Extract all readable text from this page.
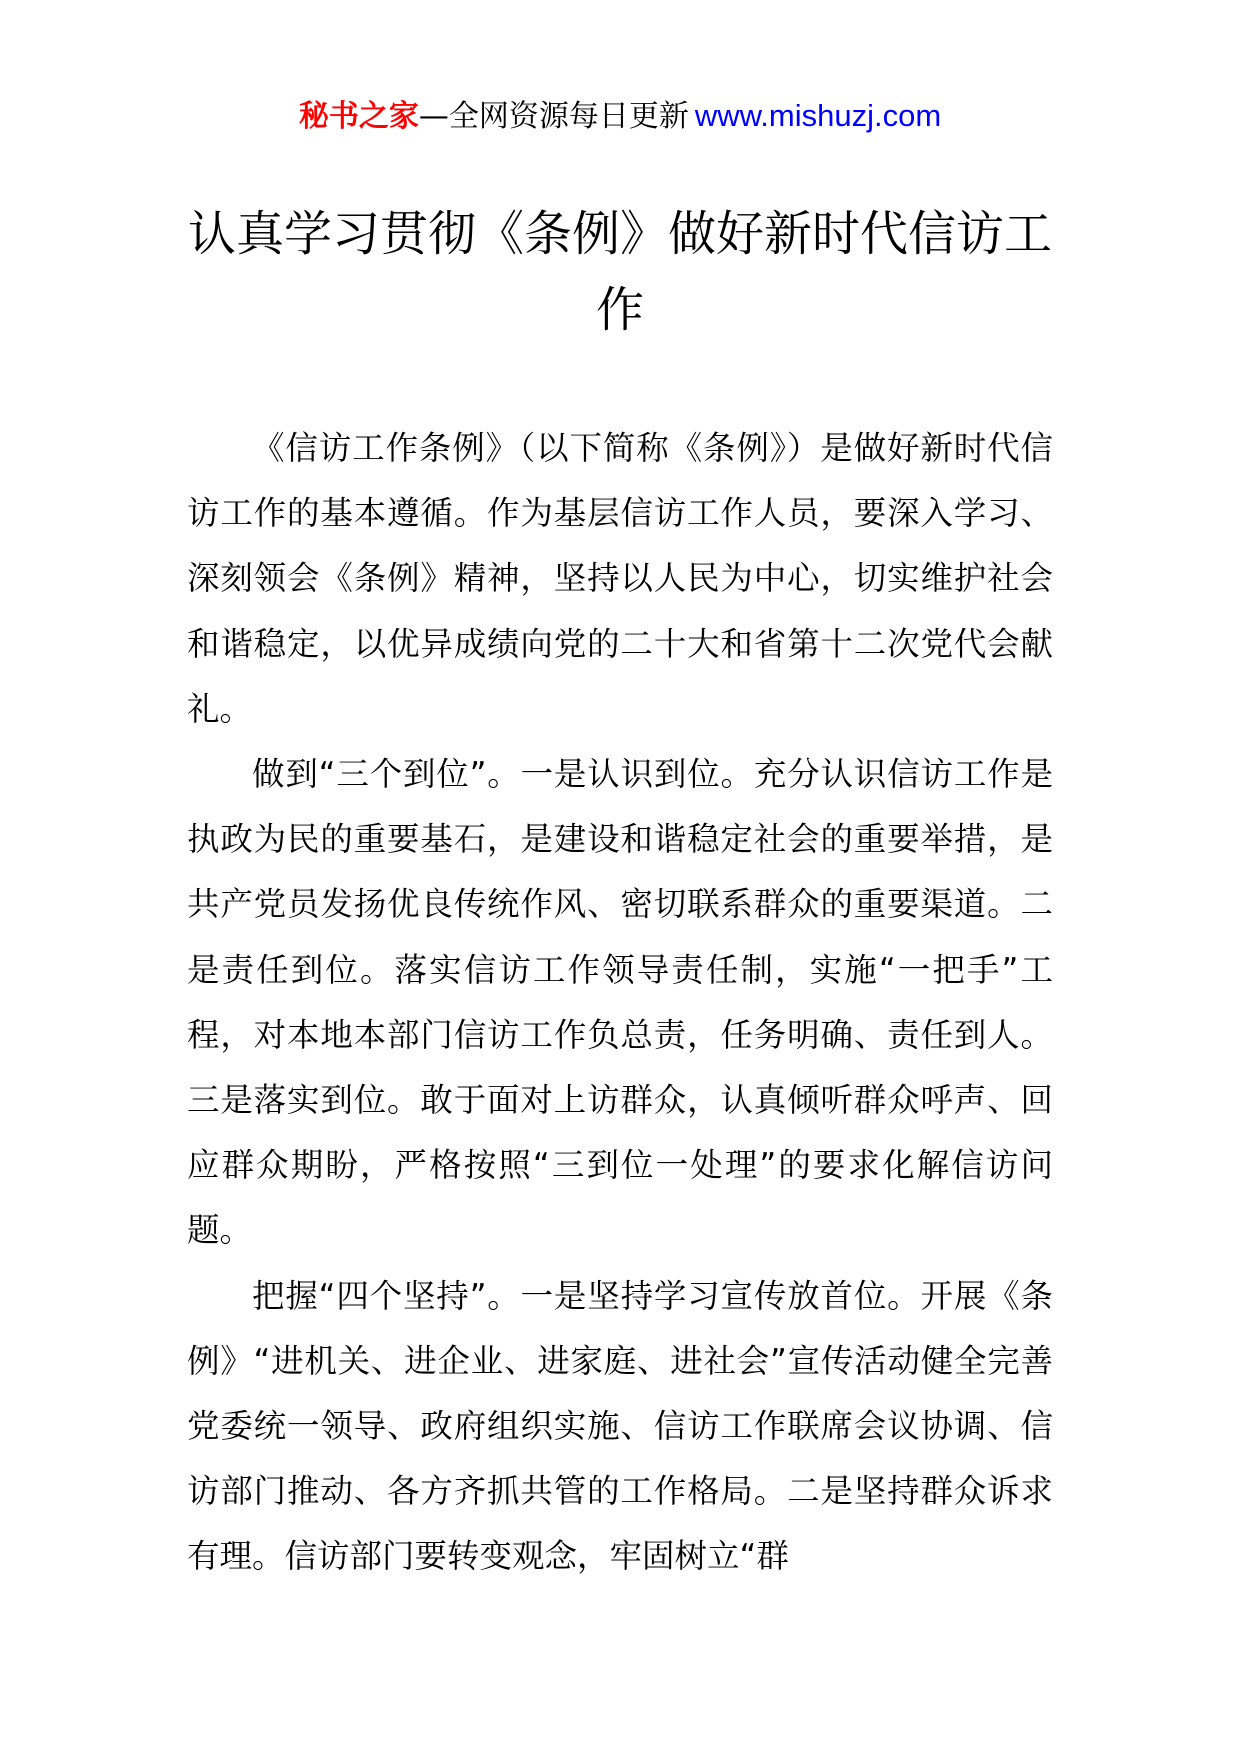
秘书之家—全网资源每日更新 www.mishuzj.com
认真学习贯彻《条例》做好新时代信访工作

《信访工作条例》（以下简称《条例》）是做好新时代信访工作的基本遵循。作为基层信访工作人员，要深入学习、深刻领会《条例》精神，坚持以人民为中心，切实维护社会和谐稳定，以优异成绩向党的二十大和省第十二次党代会献礼。

做到“三个到位”。一是认识到位。充分认识信访工作是执政为民的重要基石，是建设和谐稳定社会的重要举措，是共产党员发扬优良传统作风、密切联系群众的重要渠道。二是责任到位。落实信访工作领导责任制，实施“一把手”工程，对本地本部门信访工作负总责，任务明确、责任到人。三是落实到位。敢于面对上访群众，认真倾听群众呼声、回应群众期盼，严格按照“三到位一处理”的要求化解信访问题。

把握“四个坚持”。一是坚持学习宣传放首位。开展《条例》“进机关、进企业、进家庭、进社会”宣传活动健全完善党委统一领导、政府组织实施、信访工作联席会议协调、信访部门推动、各方齐抓共管的工作格局。二是坚持群众诉求有理。信访部门要转变观念，牢固树立“群
